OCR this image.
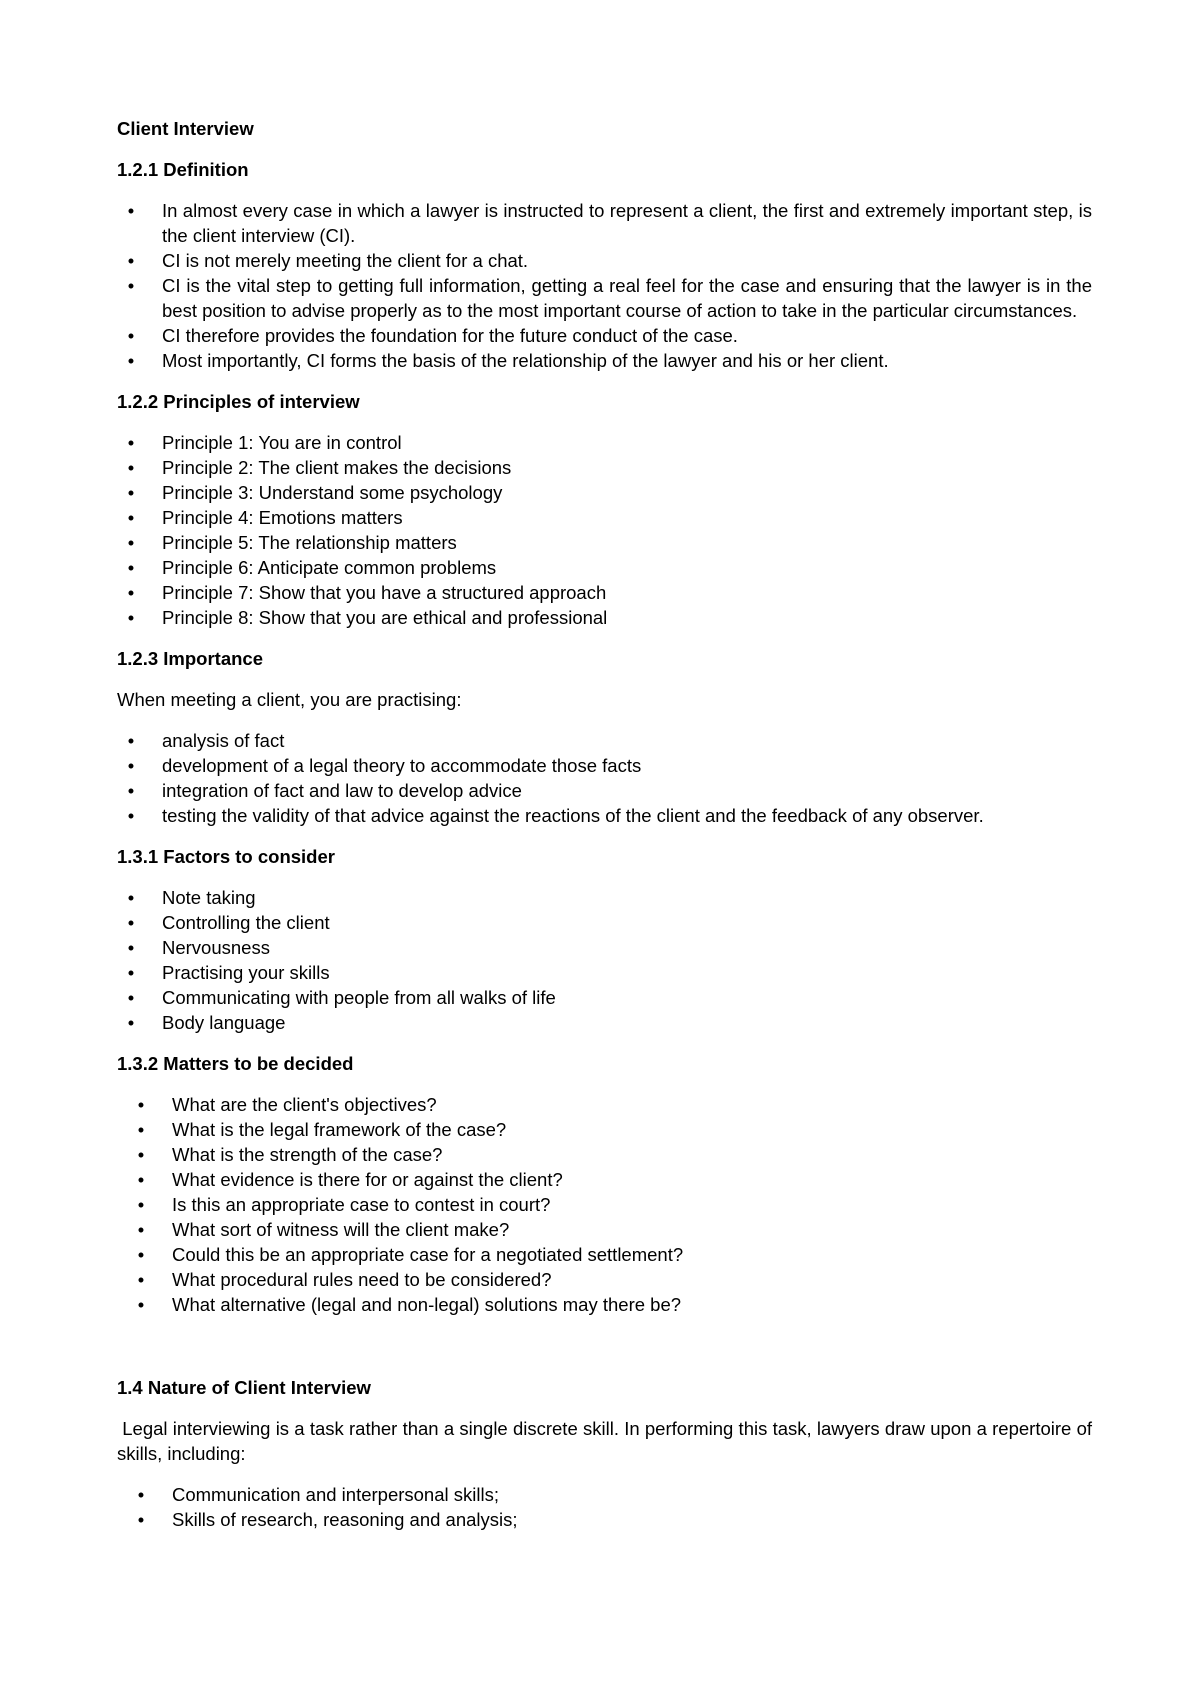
Client Interview
1.2.1 Definition
• In almost every case in which a lawyer is instructed to represent a client, the first and extremely important step, is the client interview (CI).
• CI is not merely meeting the client for a chat.
• CI is the vital step to getting full information, getting a real feel for the case and ensuring that the lawyer is in the best position to advise properly as to the most important course of action to take in the particular circumstances.
• CI therefore provides the foundation for the future conduct of the case.
• Most importantly, CI forms the basis of the relationship of the lawyer and his or her client.
1.2.2 Principles of interview
• Principle 1: You are in control
• Principle 2: The client makes the decisions
• Principle 3: Understand some psychology
• Principle 4: Emotions matters
• Principle 5: The relationship matters
• Principle 6: Anticipate common problems
• Principle 7: Show that you have a structured approach
• Principle 8: Show that you are ethical and professional
1.2.3 Importance

When meeting a client, you are practising:

• analysis of fact
• development of a legal theory to accommodate those facts
• integration of fact and law to develop advice
• testing the validity of that advice against the reactions of the client and the feedback of any observer.
1.3.1 Factors to consider
• Note taking
• Controlling the client
• Nervousness
• Practising your skills
• Communicating with people from all walks of life
• Body language
1.3.2 Matters to be decided
• What are the client's objectives?
• What is the legal framework of the case?
• What is the strength of the case?
• What evidence is there for or against the client?
• Is this an appropriate case to contest in court?
• What sort of witness will the client make?
• Could this be an appropriate case for a negotiated settlement?
• What procedural rules need to be considered?
• What alternative (legal and non-legal) solutions may there be?
1.4 Nature of Client Interview

Legal interviewing is a task rather than a single discrete skill. In performing this task, lawyers draw upon a repertoire of skills, including:

• Communication and interpersonal skills;
• Skills of research, reasoning and analysis;
